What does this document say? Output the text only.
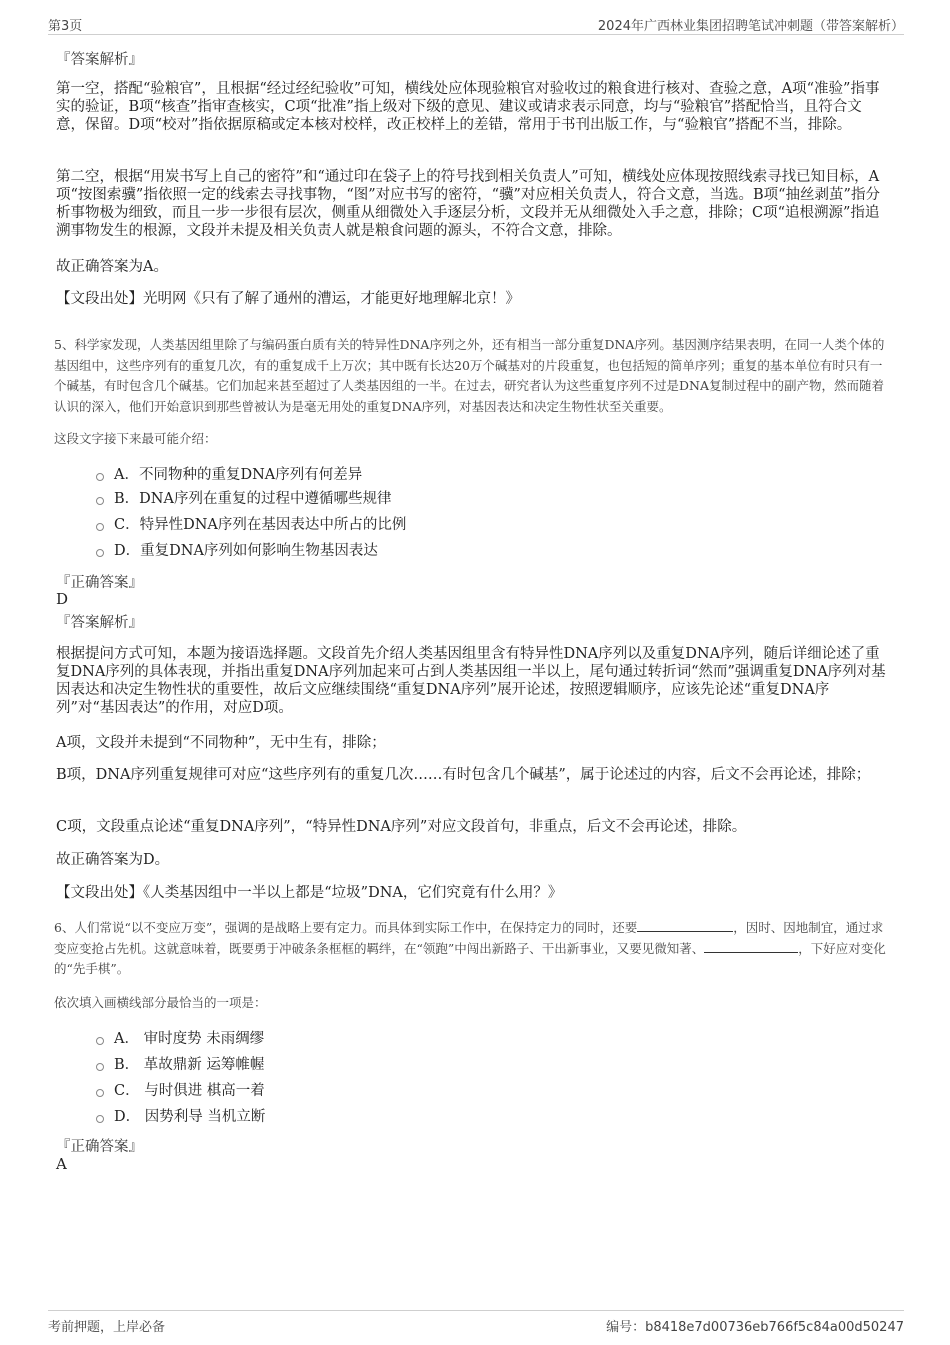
第3页	2024年广西林业集团招聘笔试冲刺题（带答案解析）
『答案解析』
第一空，搭配“验粮官”，且根据“经过经纪验收”可知，横线处应体现验粮官对验收过的粮食进行核对、查验之意，A项“准验”指事实的验证，B项“核查”指审查核实，C项“批准”指上级对下级的意见、建议或请求表示同意，均与“验粮官”搭配恰当，且符合文意，保留。D项“校对”指依据原稿或定本核对校样，改正校样上的差错，常用于书刊出版工作，与“验粮官”搭配不当，排除。
第二空，根据“用炭书写上自己的密符”和“通过印在袋子上的符号找到相关负责人”可知，横线处应体现按照线索寻找已知目标，A项“按图索骥”指依照一定的线索去寻找事物，“图”对应书写的密符，“骥”对应相关负责人，符合文意，当选。B项“抽丝剥茧”指分析事物极为细致，而且一步一步很有层次，侧重从细微处入手逐层分析，文段并无从细微处入手之意，排除；C项“追根溯源”指追溯事物发生的根源，文段并未提及相关负责人就是粮食问题的源头，不符合文意，排除。
故正确答案为A。
【文段出处】光明网《只有了解了通州的漕运，才能更好地理解北京！》
5、科学家发现，人类基因组里除了与编码蛋白质有关的特异性DNA序列之外，还有相当一部分重复DNA序列。基因测序结果表明，在同一人类个体的基因组中，这些序列有的重复几次，有的重复成千上万次；其中既有长达20万个碱基对的片段重复，也包括短的简单序列；重复的基本单位有时只有一个碱基，有时包含几个碱基。它们加起来甚至超过了人类基因组的一半。在过去，研究者认为这些重复序列不过是DNA复制过程中的副产物，然而随着认识的深入，他们开始意识到那些曾被认为是毫无用处的重复DNA序列，对基因表达和决定生物性状至关重要。
这段文字接下来最可能介绍：
A．不同物种的重复DNA序列有何差异
B．DNA序列在重复的过程中遵循哪些规律
C．特异性DNA序列在基因表达中所占的比例
D．重复DNA序列如何影响生物基因表达
『正确答案』
D
『答案解析』
根据提问方式可知，本题为接语选择题。文段首先介绍人类基因组里含有特异性DNA序列以及重复DNA序列，随后详细论述了重复DNA序列的具体表现，并指出重复DNA序列加起来可占到人类基因组一半以上，尾句通过转折词“然而”强调重复DNA序列对基因表达和决定生物性状的重要性，故后文应继续围绕“重复DNA序列”展开论述，按照逻辑顺序，应该先论述“重复DNA序列”对“基因表达”的作用，对应D项。
A项，文段并未提到“不同物种”，无中生有，排除；
B项，DNA序列重复规律可对应“这些序列有的重复几次……有时包含几个碱基”，属于论述过的内容，后文不会再论述，排除；
C项，文段重点论述“重复DNA序列”，“特异性DNA序列”对应文段首句，非重点，后文不会再论述，排除。
故正确答案为D。
【文段出处】《人类基因组中一半以上都是“垃圾”DNA，它们究竟有什么用？》
6、人们常说“以不变应万变”，强调的是战略上要有定力。而具体到实际工作中，在保持定力的同时，还要	，因时、因地制宜，通过求变应变抢占先机。这就意味着，既要勇于冲破条条框框的羁绊，在“领跑”中闯出新路子、干出新事业，又要见微知著、	，下好应对变化的“先手棋”。
依次填入画横线部分最恰当的一项是：
A． 审时度势 未雨绸缪
B． 革故鼎新 运筹帷幄
C． 与时俱进 棋高一着
D． 因势利导 当机立断
『正确答案』
A
考前押题，上岸必备	编号：b8418e7d00736eb766f5c84a00d50247
